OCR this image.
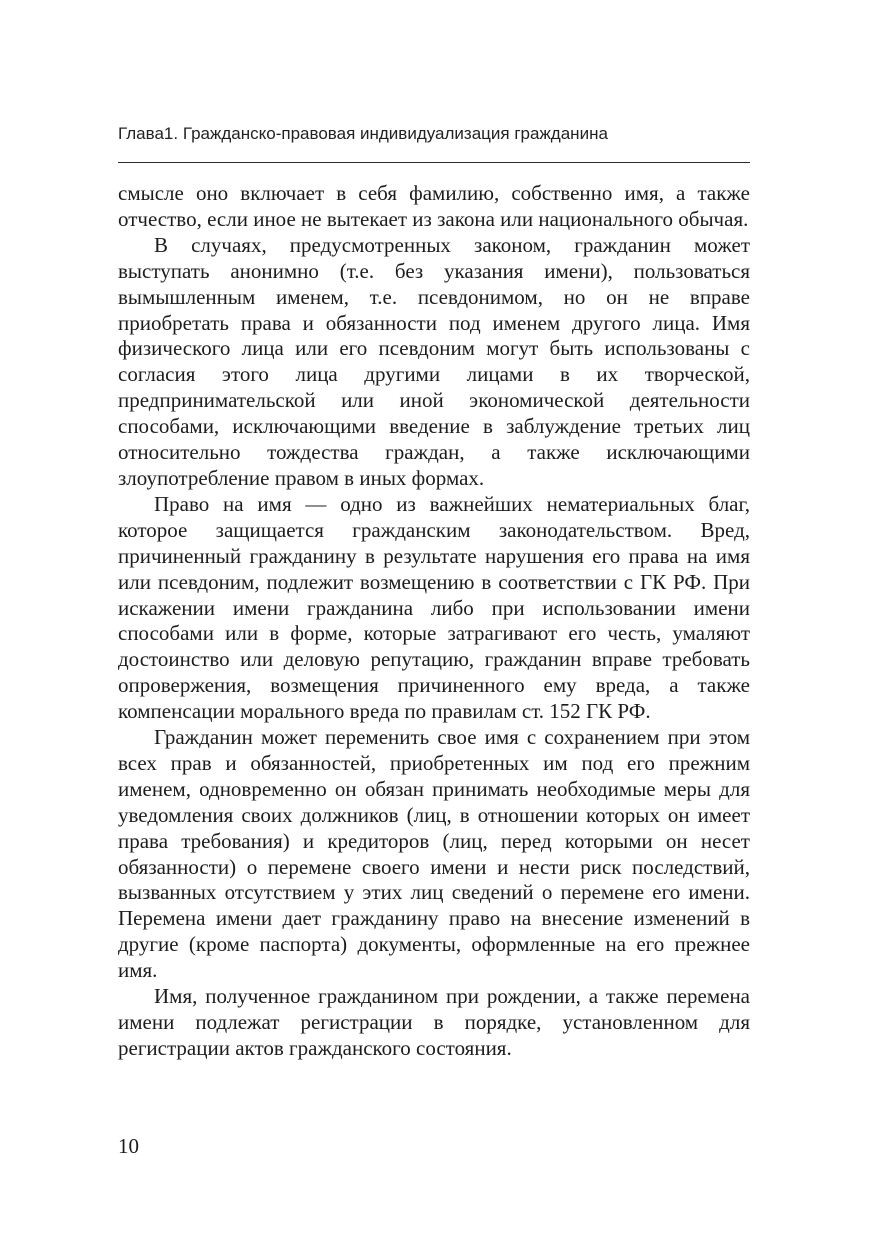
Глава1. Гражданско-правовая индивидуализация гражданина

смысле оно включает в себя фамилию, собственно имя, а также отчество, если иное не вытекает из закона или национального обычая.

В случаях, предусмотренных законом, гражданин может выступать анонимно (т.е. без указания имени), пользоваться вымышленным именем, т.е. псевдонимом, но он не вправе приобретать права и обязанности под именем другого лица. Имя физического лица или его псевдоним могут быть использованы с согласия этого лица другими лицами в их творческой, предпринимательской или иной экономической деятельности способами, исключающими введение в заблуждение третьих лиц относительно тождества граждан, а также исключающими злоупотребление правом в иных формах.

Право на имя — одно из важнейших нематериальных благ, которое защищается гражданским законодательством. Вред, причиненный гражданину в результате нарушения его права на имя или псевдоним, подлежит возмещению в соответствии с ГК РФ. При искажении имени гражданина либо при использовании имени способами или в форме, которые затрагивают его честь, умаляют достоинство или деловую репутацию, гражданин вправе требовать опровержения, возмещения причиненного ему вреда, а также компенсации морального вреда по правилам ст. 152 ГК РФ.

Гражданин может переменить свое имя с сохранением при этом всех прав и обязанностей, приобретенных им под его прежним именем, одновременно он обязан принимать необходимые меры для уведомления своих должников (лиц, в отношении которых он имеет права требования) и кредиторов (лиц, перед которыми он несет обязанности) о перемене своего имени и нести риск последствий, вызванных отсутствием у этих лиц сведений о перемене его имени. Перемена имени дает гражданину право на внесение изменений в другие (кроме паспорта) документы, оформленные на его прежнее имя.

Имя, полученное гражданином при рождении, а также перемена имени подлежат регистрации в порядке, установленном для регистрации актов гражданского состояния.

10
